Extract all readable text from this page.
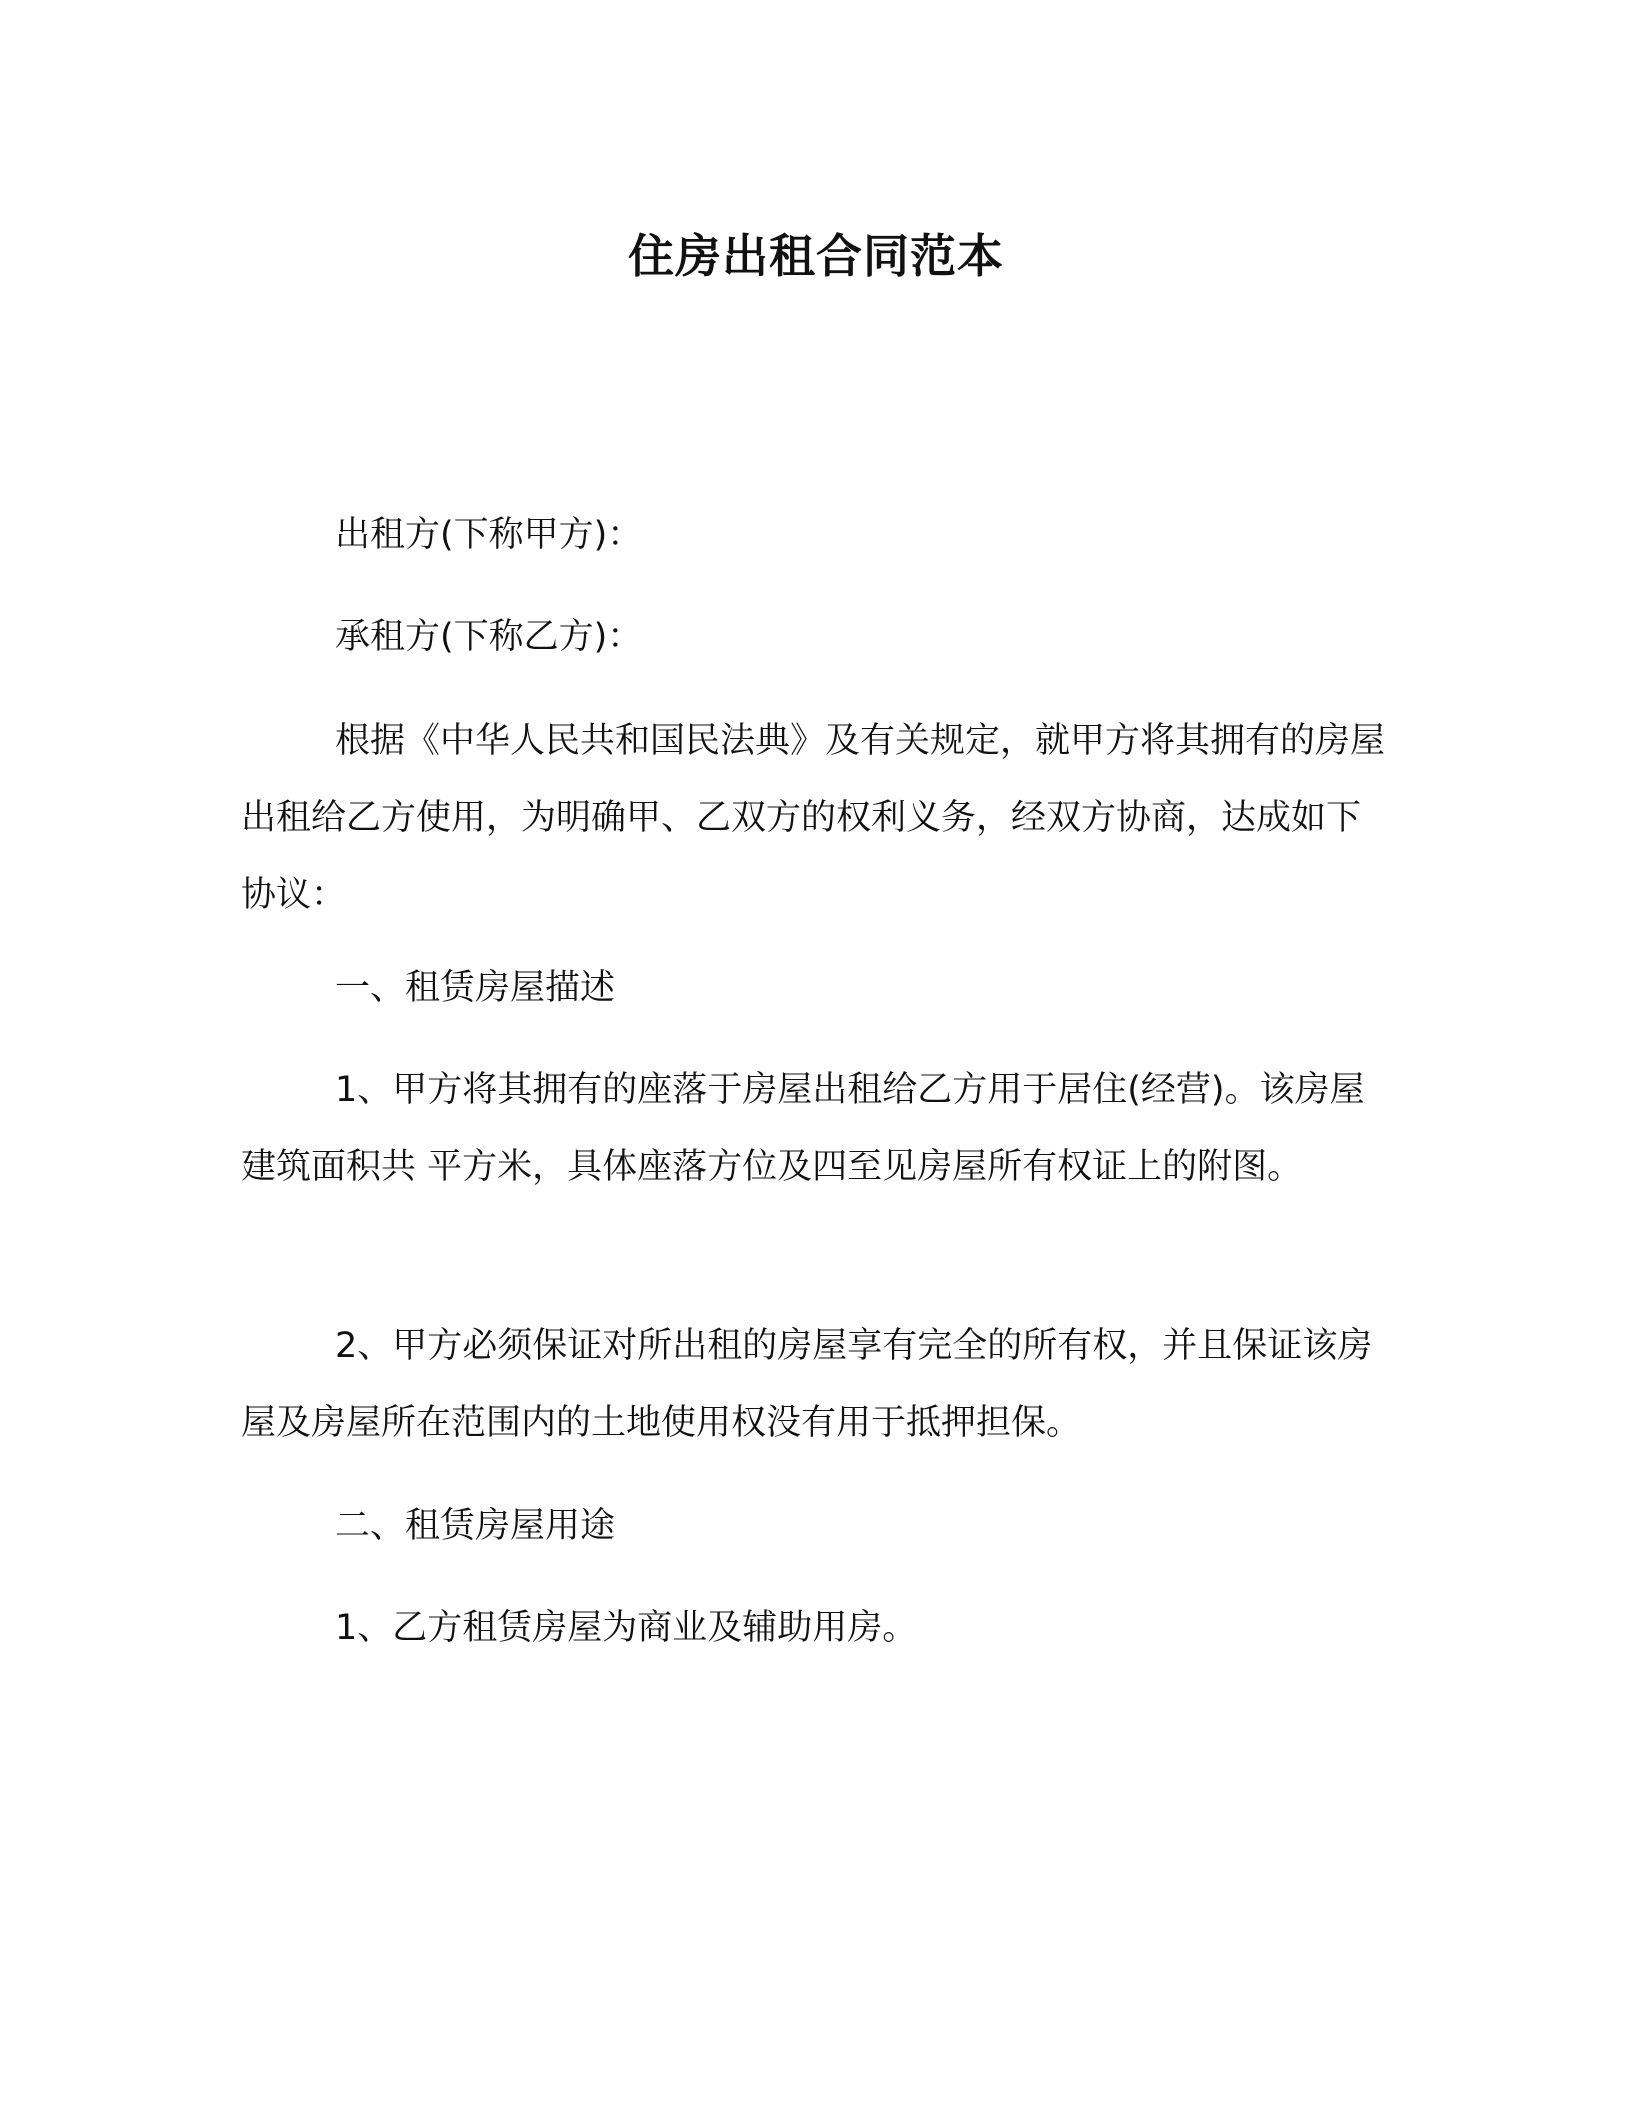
住房出租合同范本

出租方(下称甲方)：

承租方(下称乙方)：

根据《中华人民共和国民法典》及有关规定，就甲方将其拥有的房屋出租给乙方使用，为明确甲、乙双方的权利义务，经双方协商，达成如下协议：

一、租赁房屋描述

1、甲方将其拥有的座落于房屋出租给乙方用于居住(经营)。该房屋建筑面积共 平方米，具体座落方位及四至见房屋所有权证上的附图。

2、甲方必须保证对所出租的房屋享有完全的所有权，并且保证该房屋及房屋所在范围内的土地使用权没有用于抵押担保。

二、租赁房屋用途

1、乙方租赁房屋为商业及辅助用房。
